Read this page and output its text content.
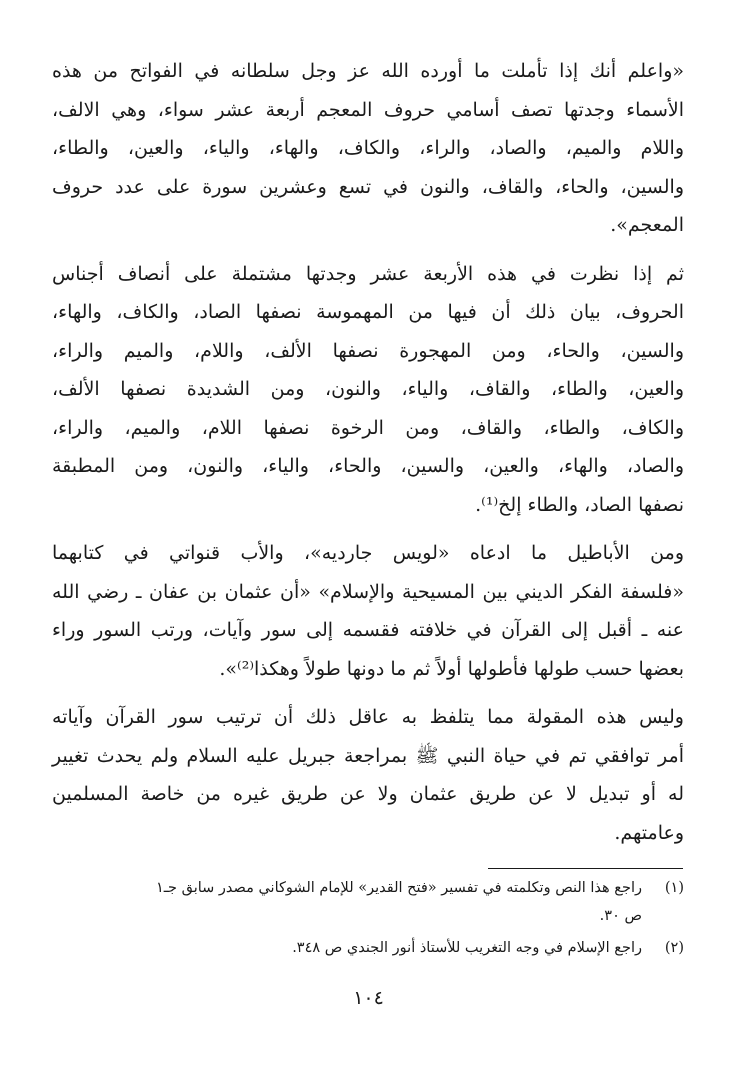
«واعلم أنك إذا تأملت ما أورده الله عز وجل سلطانه في الفواتح من هذه
الأسماء وجدتها تصف أسامي حروف المعجم أربعة عشر سواء، وهي الالف،
واللام والميم، والصاد، والراء، والكاف، والهاء، والياء، والعين، والطاء،
والسين، والحاء، والقاف، والنون في تسع وعشرين سورة على عدد حروف
المعجم».

ثم إذا نظرت في هذه الأربعة عشر وجدتها مشتملة على أنصاف أجناس
الحروف، بيان ذلك أن فيها من المهموسة نصفها الصاد، والكاف، والهاء،
والسين، والحاء، ومن المهجورة نصفها الألف، واللام، والميم والراء،
والعين، والطاء، والقاف، والياء، والنون، ومن الشديدة نصفها الألف،
والكاف، والطاء، والقاف، ومن الرخوة نصفها اللام، والميم، والراء،
والصاد، والهاء، والعين، والسين، والحاء، والياء، والنون، ومن المطبقة
نصفها الصاد، والطاء إلخ⁽¹⁾.

ومن الأباطيل ما ادعاه «لويس جارديه»، والأب قنواتي في كتابهما
«فلسفة الفكر الديني بين المسيحية والإسلام» «أن عثمان بن عفان ـ رضي الله
عنه ـ أقبل إلى القرآن في خلافته فقسمه إلى سور وآيات، ورتب السور وراء
بعضها حسب طولها فأطولها أولاً ثم ما دونها طولاً وهكذا⁽²⁾».

وليس هذه المقولة مما يتلفظ به عاقل ذلك أن ترتيب سور القرآن وآياته
أمر توافقي تم في حياة النبي ﷺ بمراجعة جبريل عليه السلام ولم يحدث تغيير
له أو تبديل لا عن طريق عثمان ولا عن طريق غيره من خاصة المسلمين
وعامتهم.

(١)
راجع هذا النص وتكلمته في تفسير «فتح القدير» للإمام الشوكاني مصدر سابق جـ١
ص ٣٠.
(٢)
راجع الإسلام في وجه التغريب للأستاذ أنور الجندي ص ٣٤٨.
١٠٤
